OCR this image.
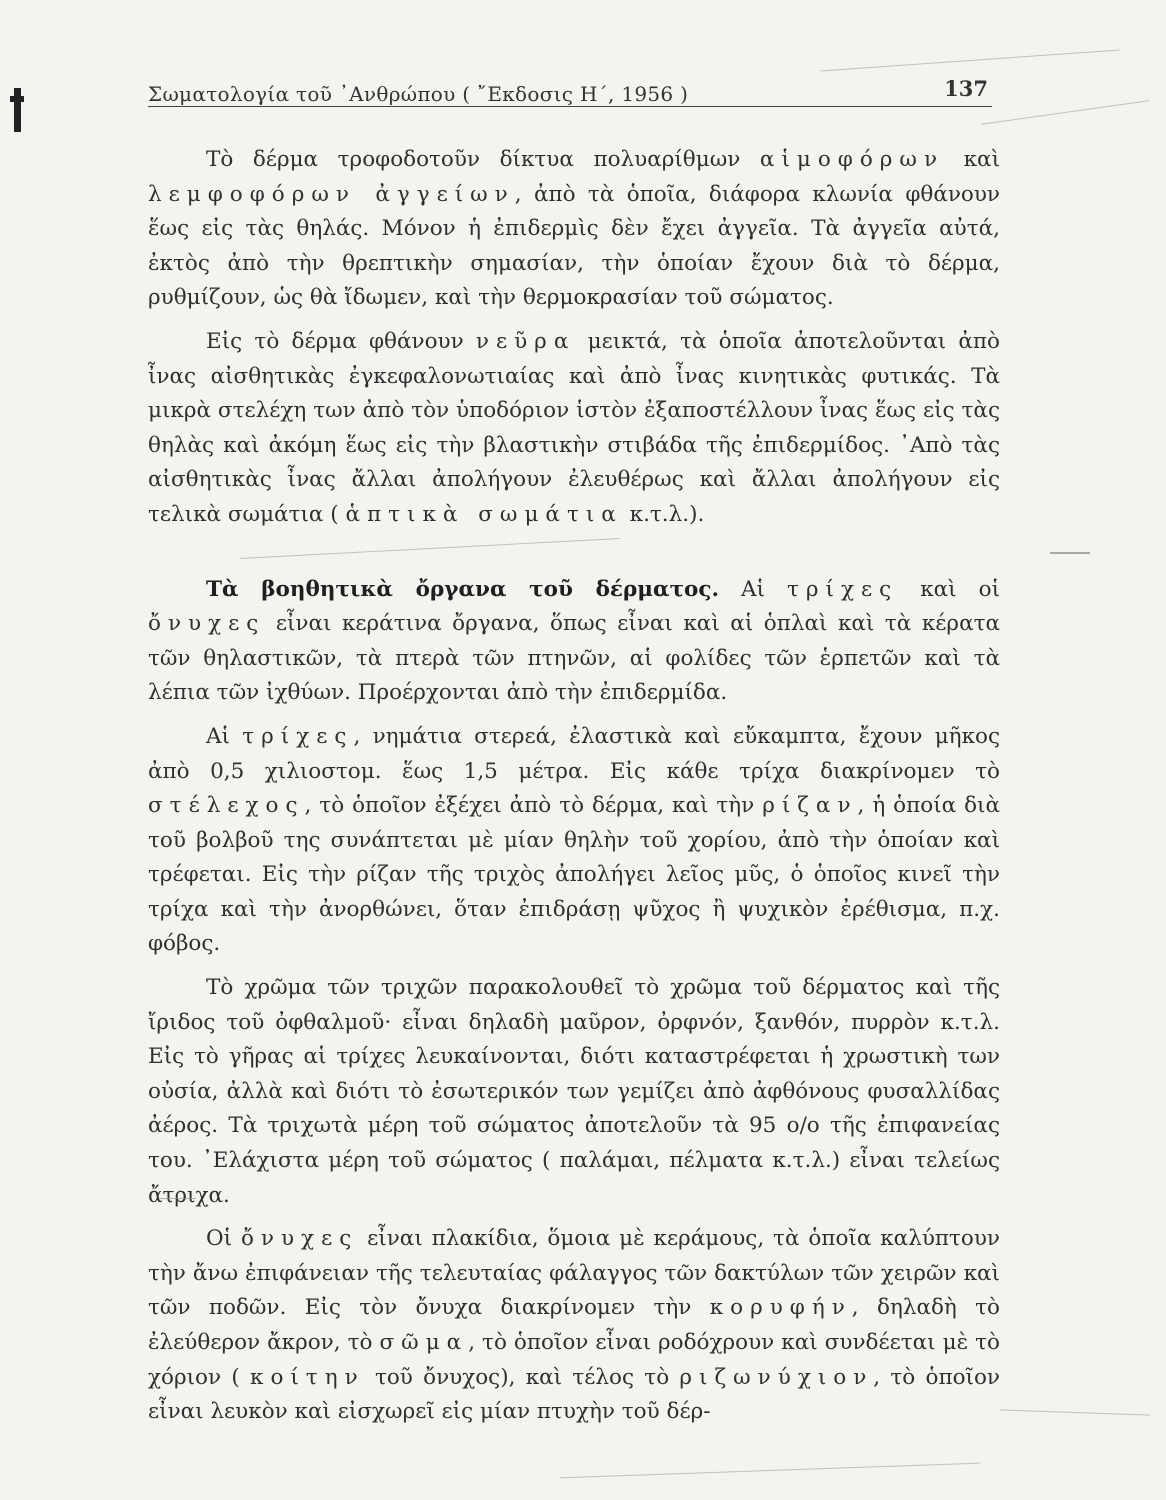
Σωματολογία τοῦ ᾽Ανθρώπου ( ῎Εκδοσις Η΄, 1956 )	137

Τὸ δέρμα τροφοδοτοῦν δίκτυα πολυαρίθμων αἱμοφόρων καὶ λεμφοφόρων ἀγγείων, ἀπὸ τὰ ὁποῖα, διάφορα κλωνία φθάνουν ἕως εἰς τὰς θηλάς. Μόνον ἡ ἐπιδερμὶς δὲν ἔχει ἀγγεῖα. Τὰ ἀγγεῖα αὐτά, ἐκτὸς ἀπὸ τὴν θρεπτικὴν σημασίαν, τὴν ὁποίαν ἔχουν διὰ τὸ δέρμα, ρυθμίζουν, ὡς θὰ ἴδωμεν, καὶ τὴν θερμοκρασίαν τοῦ σώματος.

Εἰς τὸ δέρμα φθάνουν νεῦρα μεικτά, τὰ ὁποῖα ἀποτελοῦνται ἀπὸ ἶνας αἰσθητικὰς ἐγκεφαλονωτιαίας καὶ ἀπὸ ἶνας κινητικὰς φυτικάς. Τὰ μικρὰ στελέχη των ἀπὸ τὸν ὑποδόριον ἱστὸν ἐξαποστέλλουν ἶνας ἕως εἰς τὰς θηλὰς καὶ ἀκόμη ἕως εἰς τὴν βλαστικὴν στιβάδα τῆς ἐπιδερμίδος. ᾽Απὸ τὰς αἰσθητικὰς ἶνας ἄλλαι ἀπολήγουν ἐλευθέρως καὶ ἄλλαι ἀπολήγουν εἰς τελικὰ σωμάτια ( ἁπτικὰ σωμάτια κ.τ.λ.).

Τὰ βοηθητικὰ ὄργανα τοῦ δέρματος. Αἱ τρίχες καὶ οἱ ὄνυχες εἶναι κεράτινα ὄργανα, ὅπως εἶναι καὶ αἱ ὁπλαὶ καὶ τὰ κέρατα τῶν θηλαστικῶν, τὰ πτερὰ τῶν πτηνῶν, αἱ φολίδες τῶν ἑρπετῶν καὶ τὰ λέπια τῶν ἰχθύων. Προέρχονται ἀπὸ τὴν ἐπιδερμίδα.

Αἱ τρίχες, νημάτια στερεά, ἐλαστικὰ καὶ εὔκαμπτα, ἔχουν μῆκος ἀπὸ 0,5 χιλιοστομ. ἕως 1,5 μέτρα. Εἰς κάθε τρίχα διακρίνομεν τὸ στέλεχος, τὸ ὁποῖον ἐξέχει ἀπὸ τὸ δέρμα, καὶ τὴν ρίζαν, ἡ ὁποία διὰ τοῦ βολβοῦ της συνάπτεται μὲ μίαν θηλὴν τοῦ χορίου, ἀπὸ τὴν ὁποίαν καὶ τρέφεται. Εἰς τὴν ρίζαν τῆς τριχὸς ἀπολήγει λεῖος μῦς, ὁ ὁποῖος κινεῖ τὴν τρίχα καὶ τὴν ἀνορθώνει, ὅταν ἐπιδράσῃ ψῦχος ἢ ψυχικὸν ἐρέθισμα, π.χ. φόβος.

Τὸ χρῶμα τῶν τριχῶν παρακολουθεῖ τὸ χρῶμα τοῦ δέρματος καὶ τῆς ἴριδος τοῦ ὀφθαλμοῦ· εἶναι δηλαδὴ μαῦρον, ὀρφνόν, ξανθόν, πυρρὸν κ.τ.λ. Εἰς τὸ γῆρας αἱ τρίχες λευκαίνονται, διότι καταστρέφεται ἡ χρωστικὴ των οὐσία, ἀλλὰ καὶ διότι τὸ ἐσωτερικόν των γεμίζει ἀπὸ ἀφθόνους φυσαλλίδας ἀέρος. Τὰ τριχωτὰ μέρη τοῦ σώματος ἀποτελοῦν τὰ 95 ο/ο τῆς ἐπιφανείας του. ᾽Ελάχιστα μέρη τοῦ σώματος ( παλάμαι, πέλματα κ.τ.λ.) εἶναι τελείως ἄτριχα.

Οἱ ὄνυχες εἶναι πλακίδια, ὅμοια μὲ κεράμους, τὰ ὁποῖα καλύπτουν τὴν ἄνω ἐπιφάνειαν τῆς τελευταίας φάλαγγος τῶν δακτύλων τῶν χειρῶν καὶ τῶν ποδῶν. Εἰς τὸν ὄνυχα διακρίνομεν τὴν κορυφήν, δηλαδὴ τὸ ἐλεύθερον ἄκρον, τὸ σῶμα, τὸ ὁποῖον εἶναι ροδόχρουν καὶ συνδέεται μὲ τὸ χόριον ( κοίτην τοῦ ὄνυχος), καὶ τέλος τὸ ριζωνύχιον, τὸ ὁποῖον εἶναι λευκὸν καὶ εἰσχωρεῖ εἰς μίαν πτυχὴν τοῦ δέρ-
